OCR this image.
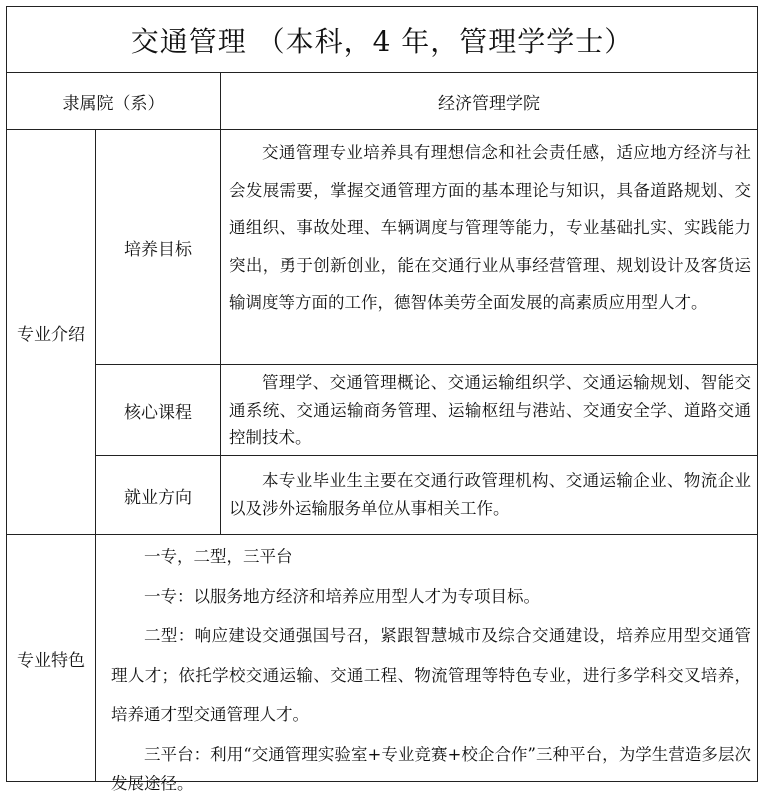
交通管理 （本科，4 年，管理学学士）
隶属院（系）	经济管理学院
专业介绍
培养目标

交通管理专业培养具有理想信念和社会责任感，适应地方经济与社会发展需要，掌握交通管理方面的基本理论与知识，具备道路规划、交通组织、事故处理、车辆调度与管理等能力，专业基础扎实、实践能力突出，勇于创新创业，能在交通行业从事经营管理、规划设计及客货运输调度等方面的工作，德智体美劳全面发展的高素质应用型人才。

核心课程

管理学、交通管理概论、交通运输组织学、交通运输规划、智能交通系统、交通运输商务管理、运输枢纽与港站、交通安全学、道路交通控制技术。

就业方向

本专业毕业生主要在交通行政管理机构、交通运输企业、物流企业以及涉外运输服务单位从事相关工作。

专业特色

一专，二型，三平台

一专：以服务地方经济和培养应用型人才为专项目标。

二型：响应建设交通强国号召，紧跟智慧城市及综合交通建设，培养应用型交通管理人才；依托学校交通运输、交通工程、物流管理等特色专业，进行多学科交叉培养，培养通才型交通管理人才。

三平台：利用“交通管理实验室+专业竞赛+校企合作”三种平台，为学生营造多层次发展途径。
